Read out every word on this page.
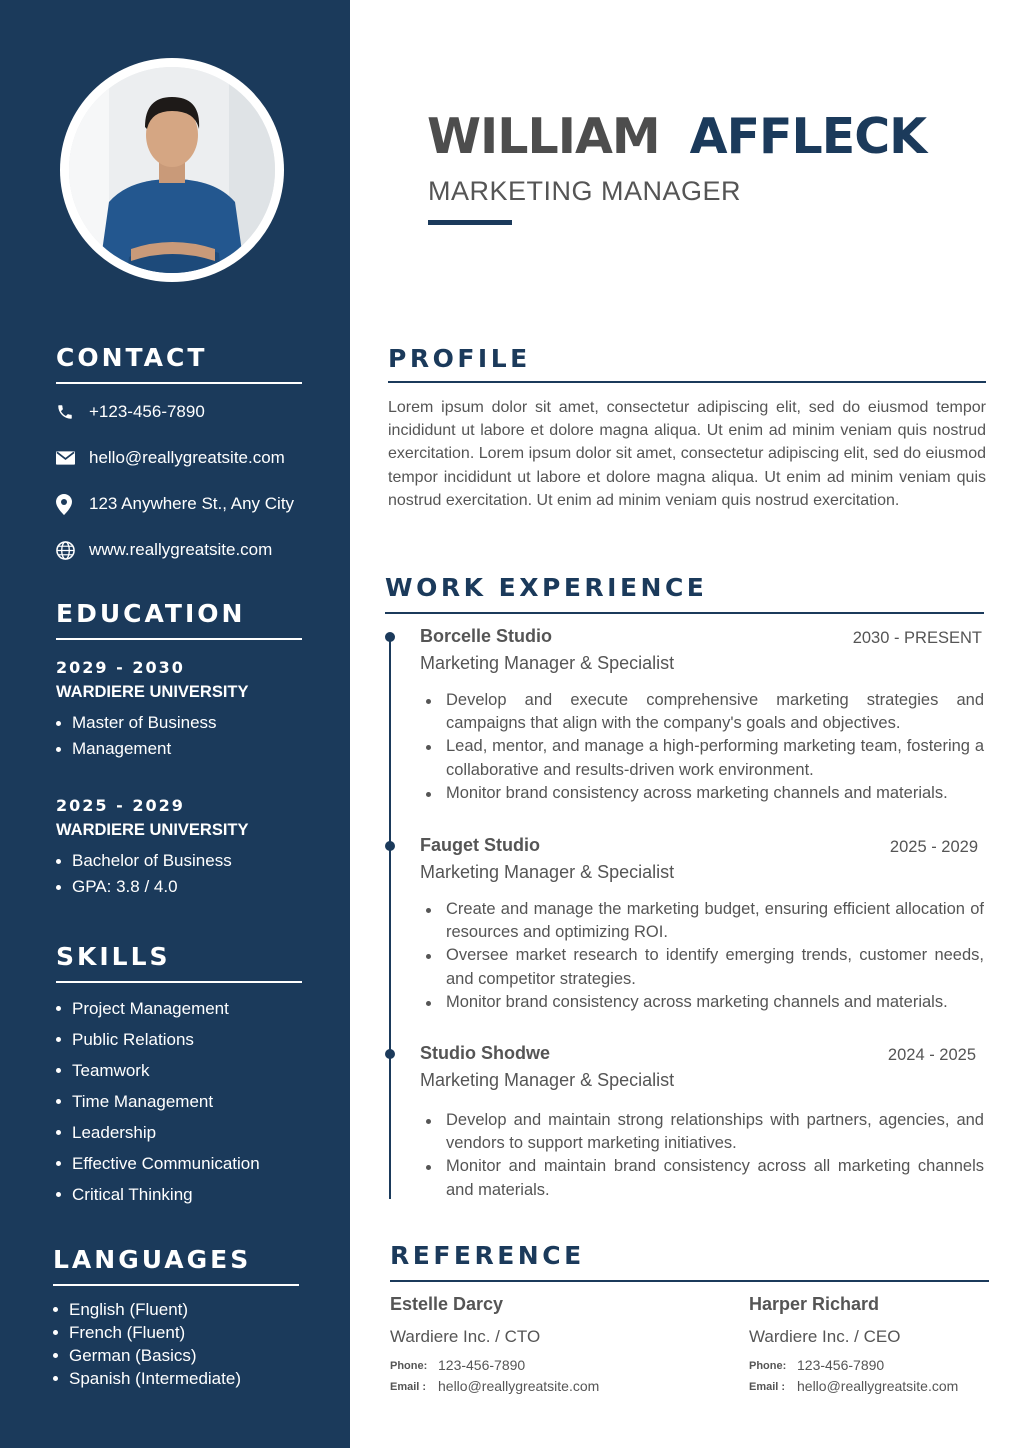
CONTACT
+123-456-7890
hello@reallygreatsite.com
123 Anywhere St., Any City
www.reallygreatsite.com
EDUCATION
2029 - 2030
WARDIERE UNIVERSITY
Master of Business
Management
2025 - 2029
WARDIERE UNIVERSITY
Bachelor of Business
GPA: 3.8 / 4.0
SKILLS
Project Management
Public Relations
Teamwork
Time Management
Leadership
Effective Communication
Critical Thinking
LANGUAGES
English (Fluent)
French (Fluent)
German (Basics)
Spanish (Intermediate)
WILLIAM AFFLECK
MARKETING MANAGER
PROFILE
Lorem ipsum dolor sit amet, consectetur adipiscing elit, sed do eiusmod tempor incididunt ut labore et dolore magna aliqua. Ut enim ad minim veniam quis nostrud exercitation. Lorem ipsum dolor sit amet, consectetur adipiscing elit, sed do eiusmod tempor incididunt ut labore et dolore magna aliqua. Ut enim ad minim veniam quis nostrud exercitation. Ut enim ad minim veniam quis nostrud exercitation.
WORK EXPERIENCE
Borcelle Studio	2030 - PRESENT
Marketing Manager & Specialist
Develop and execute comprehensive marketing strategies and campaigns that align with the company's goals and objectives.
Lead, mentor, and manage a high-performing marketing team, fostering a collaborative and results-driven work environment.
Monitor brand consistency across marketing channels and materials.
Fauget Studio	2025 - 2029
Marketing Manager & Specialist
Create and manage the marketing budget, ensuring efficient allocation of resources and optimizing ROI.
Oversee market research to identify emerging trends, customer needs, and competitor strategies.
Monitor brand consistency across marketing channels and materials.
Studio Shodwe	2024 - 2025
Marketing Manager & Specialist
Develop and maintain strong relationships with partners, agencies, and vendors to support marketing initiatives.
Monitor and maintain brand consistency across all marketing channels and materials.
REFERENCE
Estelle Darcy
Wardiere Inc. / CTO
Phone: 123-456-7890
Email : hello@reallygreatsite.com
Harper Richard
Wardiere Inc. / CEO
Phone: 123-456-7890
Email : hello@reallygreatsite.com
